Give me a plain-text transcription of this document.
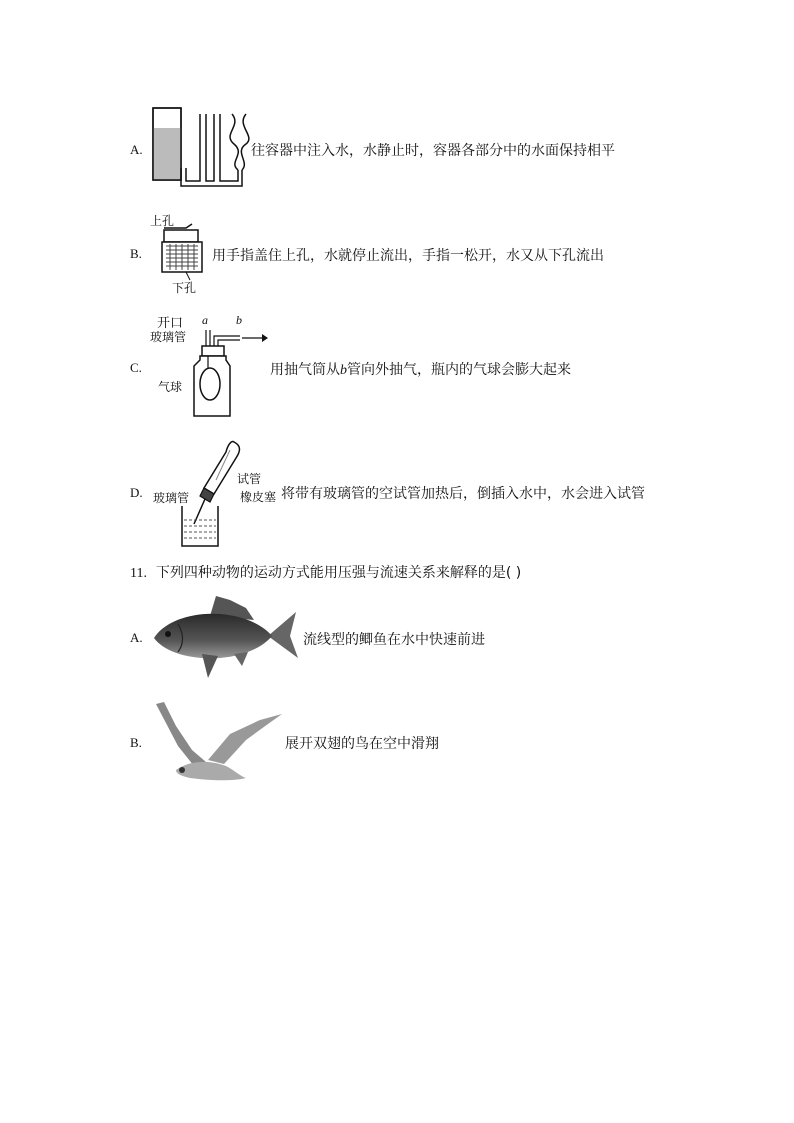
A.	往容器中注入水，水静止时，容器各部分中的水面保持相平
上孔
B.
下孔
用手指盖住上孔，水就停止流出，手指一松开，水又从下孔流出
开口 a b
玻璃管
C.
气球
用抽气筒从b管向外抽气，瓶内的气球会膨大起来
试管
橡皮塞
D. 玻璃管	将带有玻璃管的空试管加热后，倒插入水中，水会进入试管
11. 下列四种动物的运动方式能用压强与流速关系来解释的是( )
A.	流线型的鲫鱼在水中快速前进
B.	展开双翅的鸟在空中滑翔
